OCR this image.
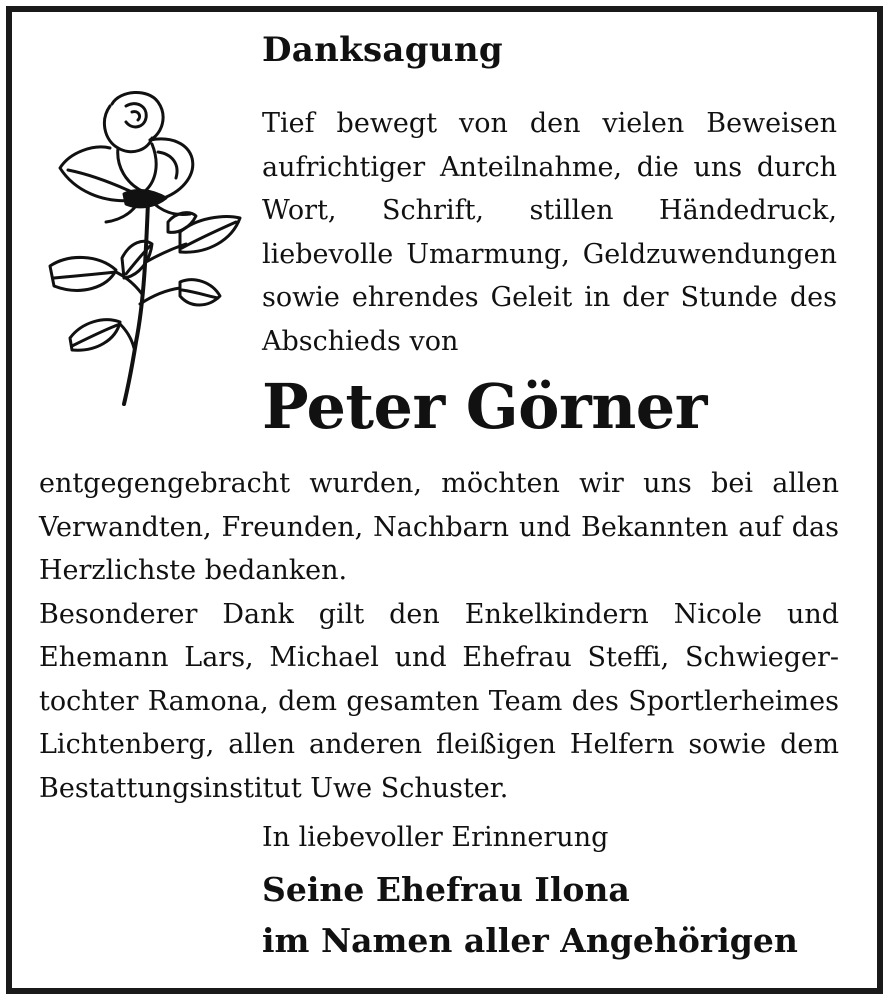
Danksagung

Tief bewegt von den vielen Beweisen
aufrichtiger Anteilnahme, die uns durch
Wort, Schrift, stillen Händedruck,
liebevolle Umarmung, Geldzuwendungen
sowie ehrendes Geleit in der Stunde des
Abschieds von

Peter Görner

entgegengebracht wurden, möchten wir uns bei allen
Verwandten, Freunden, Nachbarn und Bekannten auf das
Herzlichste bedanken.
Besonderer Dank gilt den Enkelkindern Nicole und
Ehemann Lars, Michael und Ehefrau Steffi, Schwieger-
tochter Ramona, dem gesamten Team des Sportlerheimes
Lichtenberg, allen anderen fleißigen Helfern sowie dem
Bestattungsinstitut Uwe Schuster.

In liebevoller Erinnerung

Seine Ehefrau Ilona

im Namen aller Angehörigen
